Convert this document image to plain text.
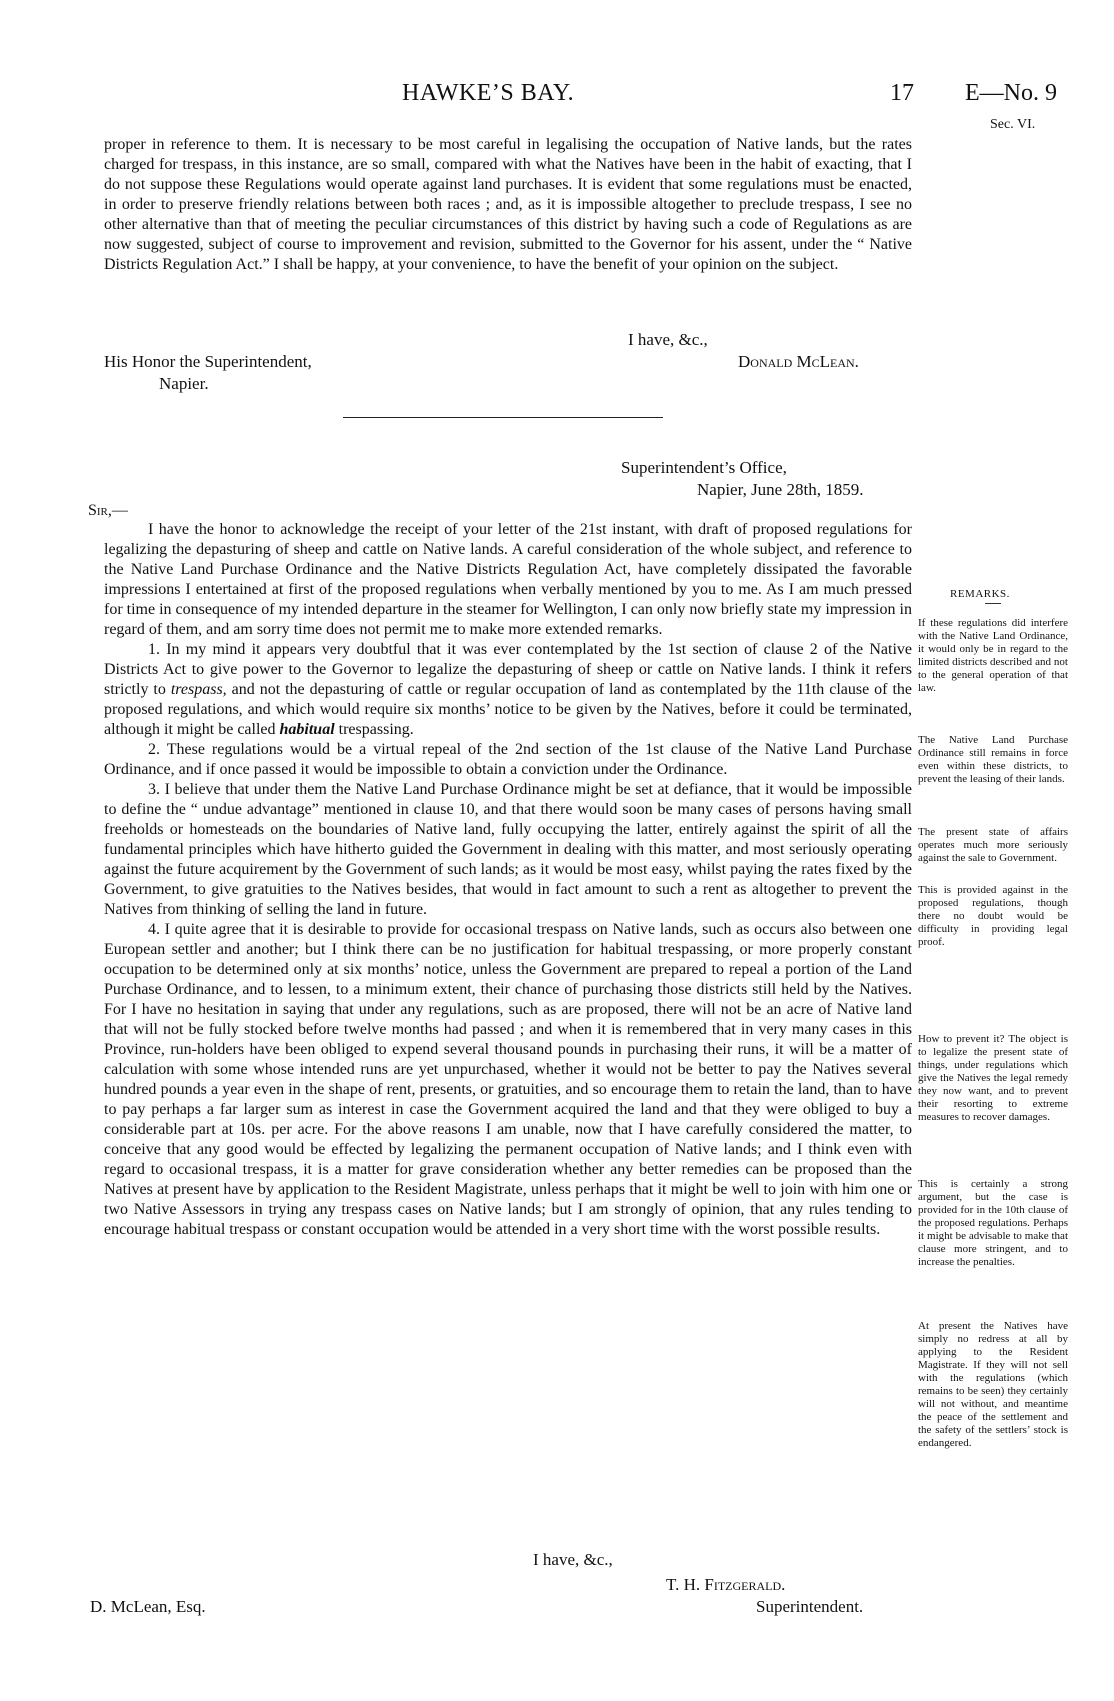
HAWKE’S BAY.	17 E—No. 9
Sec. VI.

proper in reference to them. It is necessary to be most careful in legalising the occupation of Native lands, but the rates charged for trespass, in this instance, are so small, compared with what the Natives have been in the habit of exacting, that I do not suppose these Regulations would operate against land purchases. It is evident that some regulations must be enacted, in order to preserve friendly relations between both races ; and, as it is impossible altogether to preclude trespass, I see no other alternative than that of meeting the peculiar circumstances of this district by having such a code of Regulations as are now suggested, subject of course to improvement and revision, submitted to the Governor for his assent, under the “ Native Districts Regulation Act.” I shall be happy, at your convenience, to have the benefit of your opinion on the subject.

I have, &c.,
Donald McLean.
His Honor the Superintendent,
Napier.
Superintendent’s Office,
Napier, June 28th, 1859.
Sir,—

I have the honor to acknowledge the receipt of your letter of the 21st instant, with draft of proposed regulations for legalizing the depasturing of sheep and cattle on Native lands. A careful consideration of the whole subject, and reference to the Native Land Purchase Ordinance and the Native Districts Regulation Act, have completely dissipated the favorable impressions I entertained at first of the proposed regulations when verbally mentioned by you to me. As I am much pressed for time in consequence of my intended departure in the steamer for Wellington, I can only now briefly state my impression in regard of them, and am sorry time does not permit me to make more extended remarks.

1. In my mind it appears very doubtful that it was ever contemplated by the 1st section of clause 2 of the Native Districts Act to give power to the Governor to legalize the depasturing of sheep or cattle on Native lands. I think it refers strictly to trespass, and not the depasturing of cattle or regular occupation of land as contemplated by the 11th clause of the proposed regulations, and which would require six months’ notice to be given by the Natives, before it could be terminated, although it might be called habitual trespassing.

2. These regulations would be a virtual repeal of the 2nd section of the 1st clause of the Native Land Purchase Ordinance, and if once passed it would be impossible to obtain a conviction under the Ordinance.

3. I believe that under them the Native Land Purchase Ordinance might be set at defiance, that it would be impossible to define the “ undue advantage” mentioned in clause 10, and that there would soon be many cases of persons having small freeholds or homesteads on the boundaries of Native land, fully occupying the latter, entirely against the spirit of all the fundamental principles which have hitherto guided the Government in dealing with this matter, and most seriously operating against the future acquirement by the Government of such lands; as it would be most easy, whilst paying the rates fixed by the Government, to give gratuities to the Natives besides, that would in fact amount to such a rent as altogether to prevent the Natives from thinking of selling the land in future.

4. I quite agree that it is desirable to provide for occasional trespass on Native lands, such as occurs also between one European settler and another; but I think there can be no justification for habitual trespassing, or more properly constant occupation to be determined only at six months’ notice, unless the Government are prepared to repeal a portion of the Land Purchase Ordinance, and to lessen, to a minimum extent, their chance of purchasing those districts still held by the Natives. For I have no hesitation in saying that under any regulations, such as are proposed, there will not be an acre of Native land that will not be fully stocked before twelve months had passed ; and when it is remembered that in very many cases in this Province, run-holders have been obliged to expend several thousand pounds in purchasing their runs, it will be a matter of calculation with some whose intended runs are yet unpurchased, whether it would not be better to pay the Natives several hundred pounds a year even in the shape of rent, presents, or gratuities, and so encourage them to retain the land, than to have to pay perhaps a far larger sum as interest in case the Government acquired the land and that they were obliged to buy a considerable part at 10s. per acre. For the above reasons I am unable, now that I have carefully considered the matter, to conceive that any good would be effected by legalizing the permanent occupation of Native lands; and I think even with regard to occasional trespass, it is a matter for grave consideration whether any better remedies can be proposed than the Natives at present have by application to the Resident Magistrate, unless perhaps that it might be well to join with him one or two Native Assessors in trying any trespass cases on Native lands; but I am strongly of opinion, that any rules tending to encourage habitual trespass or constant occupation would be attended in a very short time with the worst possible results.

I have, &c.,
T. H. Fitzgerald.
Superintendent.
D. McLean, Esq.
REMARKS.
If these regulations did interfere with the Native Land Ordinance, it would only be in regard to the limited districts described and not to the general operation of that law.
The Native Land Purchase Ordinance still remains in force even within these districts, to prevent the leasing of their lands.
The present state of affairs operates much more seriously against the sale to Government.
This is provided against in the proposed regulations, though there no doubt would be difficulty in providing legal proof.
How to prevent it? The object is to legalize the present state of things, under regulations which give the Natives the legal remedy they now want, and to prevent their resorting to extreme measures to recover damages.
This is certainly a strong argument, but the case is provided for in the 10th clause of the proposed regulations. Perhaps it might be advisable to make that clause more stringent, and to increase the penalties.
At present the Natives have simply no redress at all by applying to the Resident Magistrate. If they will not sell with the regulations (which remains to be seen) they certainly will not without, and meantime the peace of the settlement and the safety of the settlers’ stock is endangered.
